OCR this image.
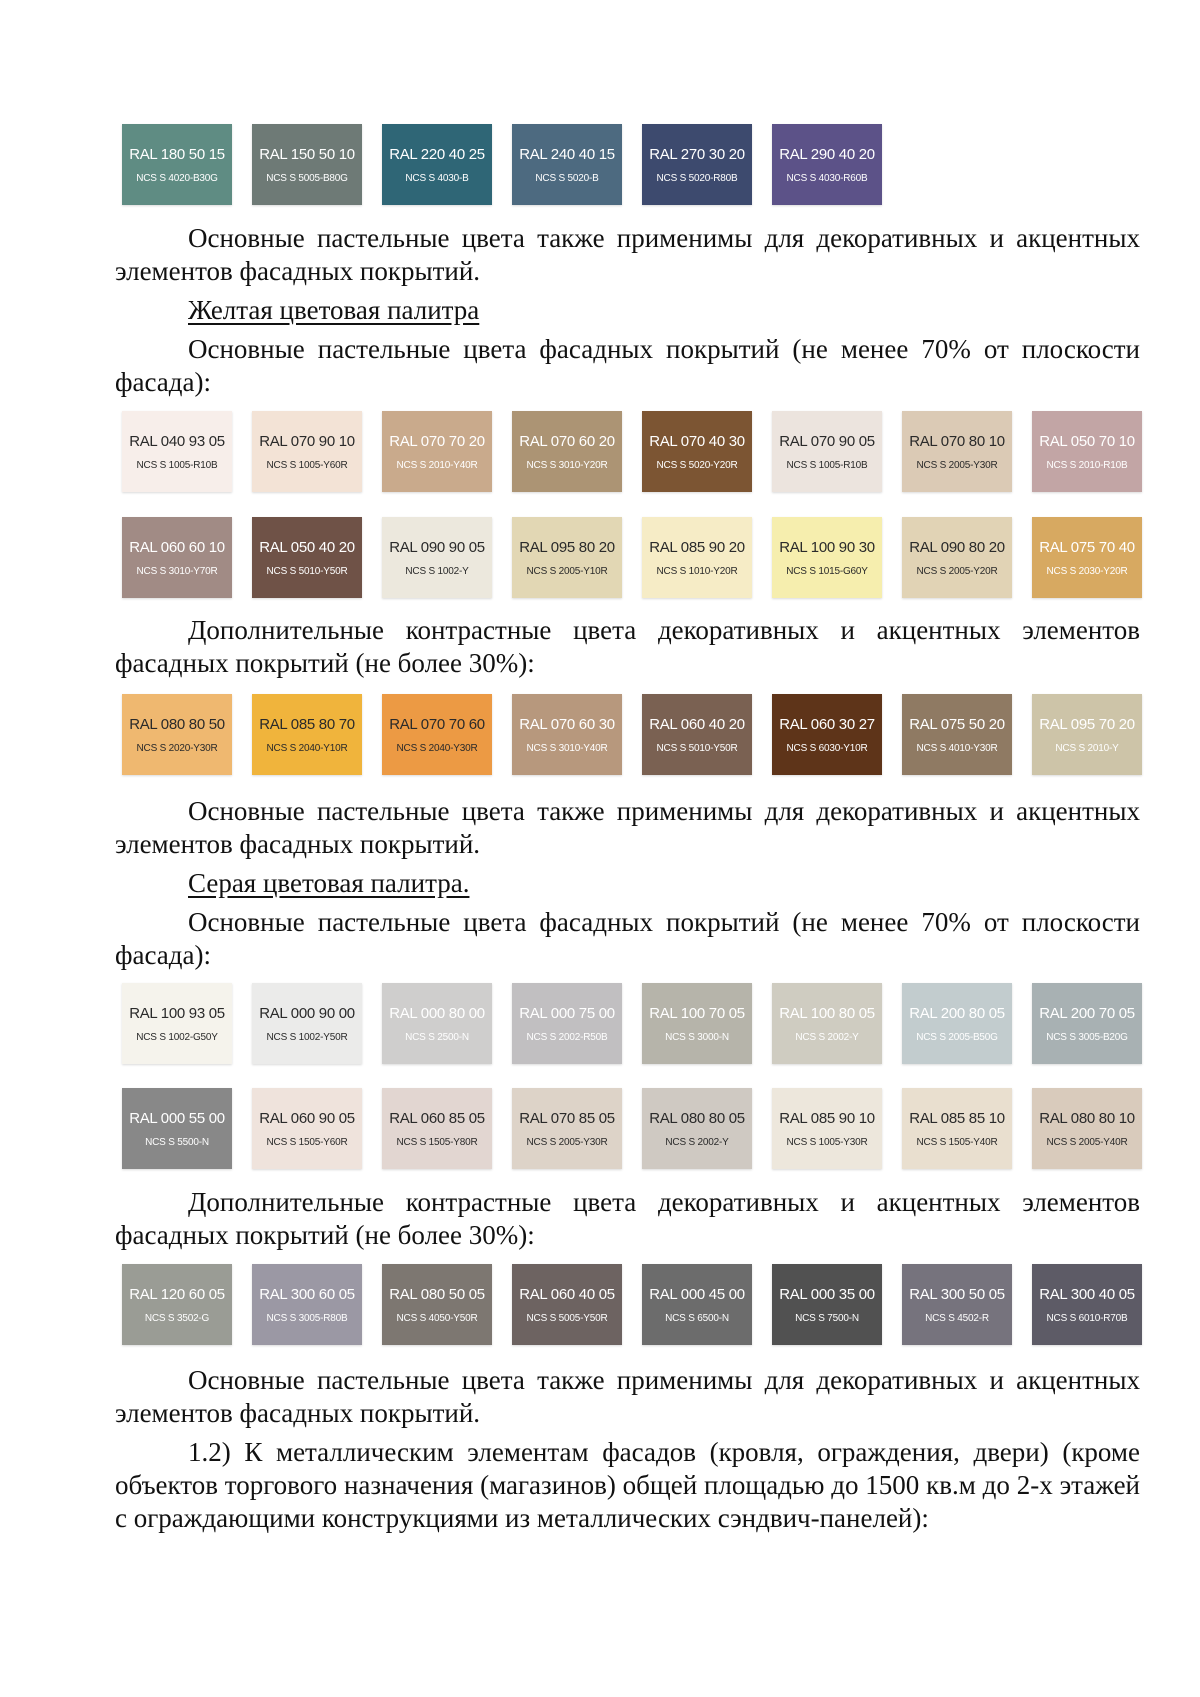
RAL 180 50 15
NCS S 4020-B30G
RAL 150 50 10
NCS S 5005-B80G
RAL 220 40 25
NCS S 4030-B
RAL 240 40 15
NCS S 5020-B
RAL 270 30 20
NCS S 5020-R80B
RAL 290 40 20
NCS S 4030-R60B

Основные пастельные цвета также применимы для декоративных и акцентных элементов фасадных покрытий.

Желтая цветовая палитра

Основные пастельные цвета фасадных покрытий (не менее 70% от плоскости фасада):

RAL 040 93 05
NCS S 1005-R10B
RAL 070 90 10
NCS S 1005-Y60R
RAL 070 70 20
NCS S 2010-Y40R
RAL 070 60 20
NCS S 3010-Y20R
RAL 070 40 30
NCS S 5020-Y20R
RAL 070 90 05
NCS S 1005-R10B
RAL 070 80 10
NCS S 2005-Y30R
RAL 050 70 10
NCS S 2010-R10B
RAL 060 60 10
NCS S 3010-Y70R
RAL 050 40 20
NCS S 5010-Y50R
RAL 090 90 05
NCS S 1002-Y
RAL 095 80 20
NCS S 2005-Y10R
RAL 085 90 20
NCS S 1010-Y20R
RAL 100 90 30
NCS S 1015-G60Y
RAL 090 80 20
NCS S 2005-Y20R
RAL 075 70 40
NCS S 2030-Y20R

Дополнительные контрастные цвета декоративных и акцентных элементов фасадных покрытий (не более 30%):

RAL 080 80 50
NCS S 2020-Y30R
RAL 085 80 70
NCS S 2040-Y10R
RAL 070 70 60
NCS S 2040-Y30R
RAL 070 60 30
NCS S 3010-Y40R
RAL 060 40 20
NCS S 5010-Y50R
RAL 060 30 27
NCS S 6030-Y10R
RAL 075 50 20
NCS S 4010-Y30R
RAL 095 70 20
NCS S 2010-Y

Основные пастельные цвета также применимы для декоративных и акцентных элементов фасадных покрытий.

Серая цветовая палитра.

Основные пастельные цвета фасадных покрытий (не менее 70% от плоскости фасада):

RAL 100 93 05
NCS S 1002-G50Y
RAL 000 90 00
NCS S 1002-Y50R
RAL 000 80 00
NCS S 2500-N
RAL 000 75 00
NCS S 2002-R50B
RAL 100 70 05
NCS S 3000-N
RAL 100 80 05
NCS S 2002-Y
RAL 200 80 05
NCS S 2005-B50G
RAL 200 70 05
NCS S 3005-B20G
RAL 000 55 00
NCS S 5500-N
RAL 060 90 05
NCS S 1505-Y60R
RAL 060 85 05
NCS S 1505-Y80R
RAL 070 85 05
NCS S 2005-Y30R
RAL 080 80 05
NCS S 2002-Y
RAL 085 90 10
NCS S 1005-Y30R
RAL 085 85 10
NCS S 1505-Y40R
RAL 080 80 10
NCS S 2005-Y40R

Дополнительные контрастные цвета декоративных и акцентных элементов фасадных покрытий (не более 30%):

RAL 120 60 05
NCS S 3502-G
RAL 300 60 05
NCS S 3005-R80B
RAL 080 50 05
NCS S 4050-Y50R
RAL 060 40 05
NCS S 5005-Y50R
RAL 000 45 00
NCS S 6500-N
RAL 000 35 00
NCS S 7500-N
RAL 300 50 05
NCS S 4502-R
RAL 300 40 05
NCS S 6010-R70B

Основные пастельные цвета также применимы для декоративных и акцентных элементов фасадных покрытий.

1.2) К металлическим элементам фасадов (кровля, ограждения, двери) (кроме объектов торгового назначения (магазинов) общей площадью до 1500 кв.м до 2-х этажей с ограждающими конструкциями из металлических сэндвич-панелей):
